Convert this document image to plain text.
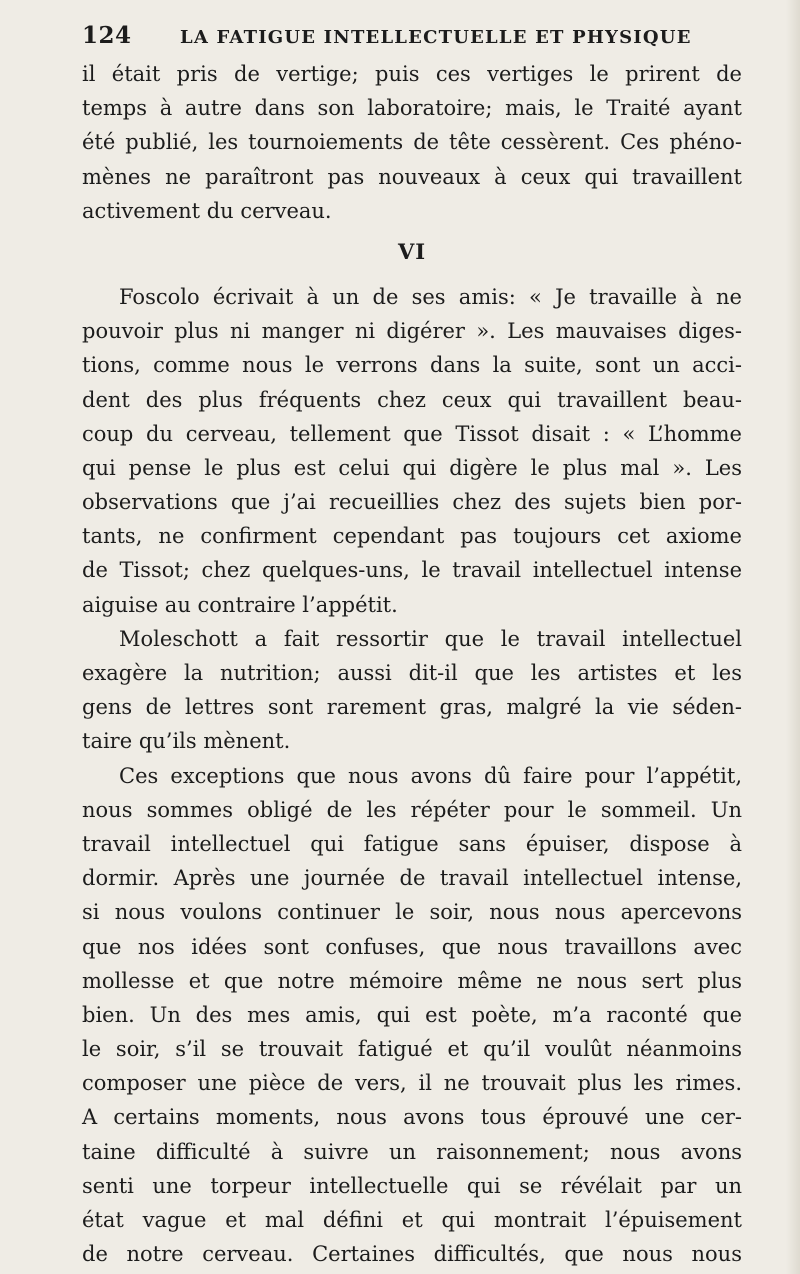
124	LA FATIGUE INTELLECTUELLE ET PHYSIQUE
il était pris de vertige; puis ces vertiges le prirent de
temps à autre dans son laboratoire; mais, le Traité ayant
été publié, les tournoiements de tête cessèrent. Ces phéno-
mènes ne paraîtront pas nouveaux à ceux qui travaillent
activement du cerveau.
VI
Foscolo écrivait à un de ses amis: « Je travaille à ne
pouvoir plus ni manger ni digérer ». Les mauvaises diges-
tions, comme nous le verrons dans la suite, sont un acci-
dent des plus fréquents chez ceux qui travaillent beau-
coup du cerveau, tellement que Tissot disait : « L’homme
qui pense le plus est celui qui digère le plus mal ». Les
observations que j’ai recueillies chez des sujets bien por-
tants, ne confirment cependant pas toujours cet axiome
de Tissot; chez quelques-uns, le travail intellectuel intense
aiguise au contraire l’appétit.
Moleschott a fait ressortir que le travail intellectuel
exagère la nutrition; aussi dit-il que les artistes et les
gens de lettres sont rarement gras, malgré la vie séden-
taire qu’ils mènent.
Ces exceptions que nous avons dû faire pour l’appétit,
nous sommes obligé de les répéter pour le sommeil. Un
travail intellectuel qui fatigue sans épuiser, dispose à
dormir. Après une journée de travail intellectuel intense,
si nous voulons continuer le soir, nous nous apercevons
que nos idées sont confuses, que nous travaillons avec
mollesse et que notre mémoire même ne nous sert plus
bien. Un des mes amis, qui est poète, m’a raconté que
le soir, s’il se trouvait fatigué et qu’il voulût néanmoins
composer une pièce de vers, il ne trouvait plus les rimes.
A certains moments, nous avons tous éprouvé une cer-
taine difficulté à suivre un raisonnement; nous avons
senti une torpeur intellectuelle qui se révélait par un
état vague et mal défini et qui montrait l’épuisement
de notre cerveau. Certaines difficultés, que nous nous
